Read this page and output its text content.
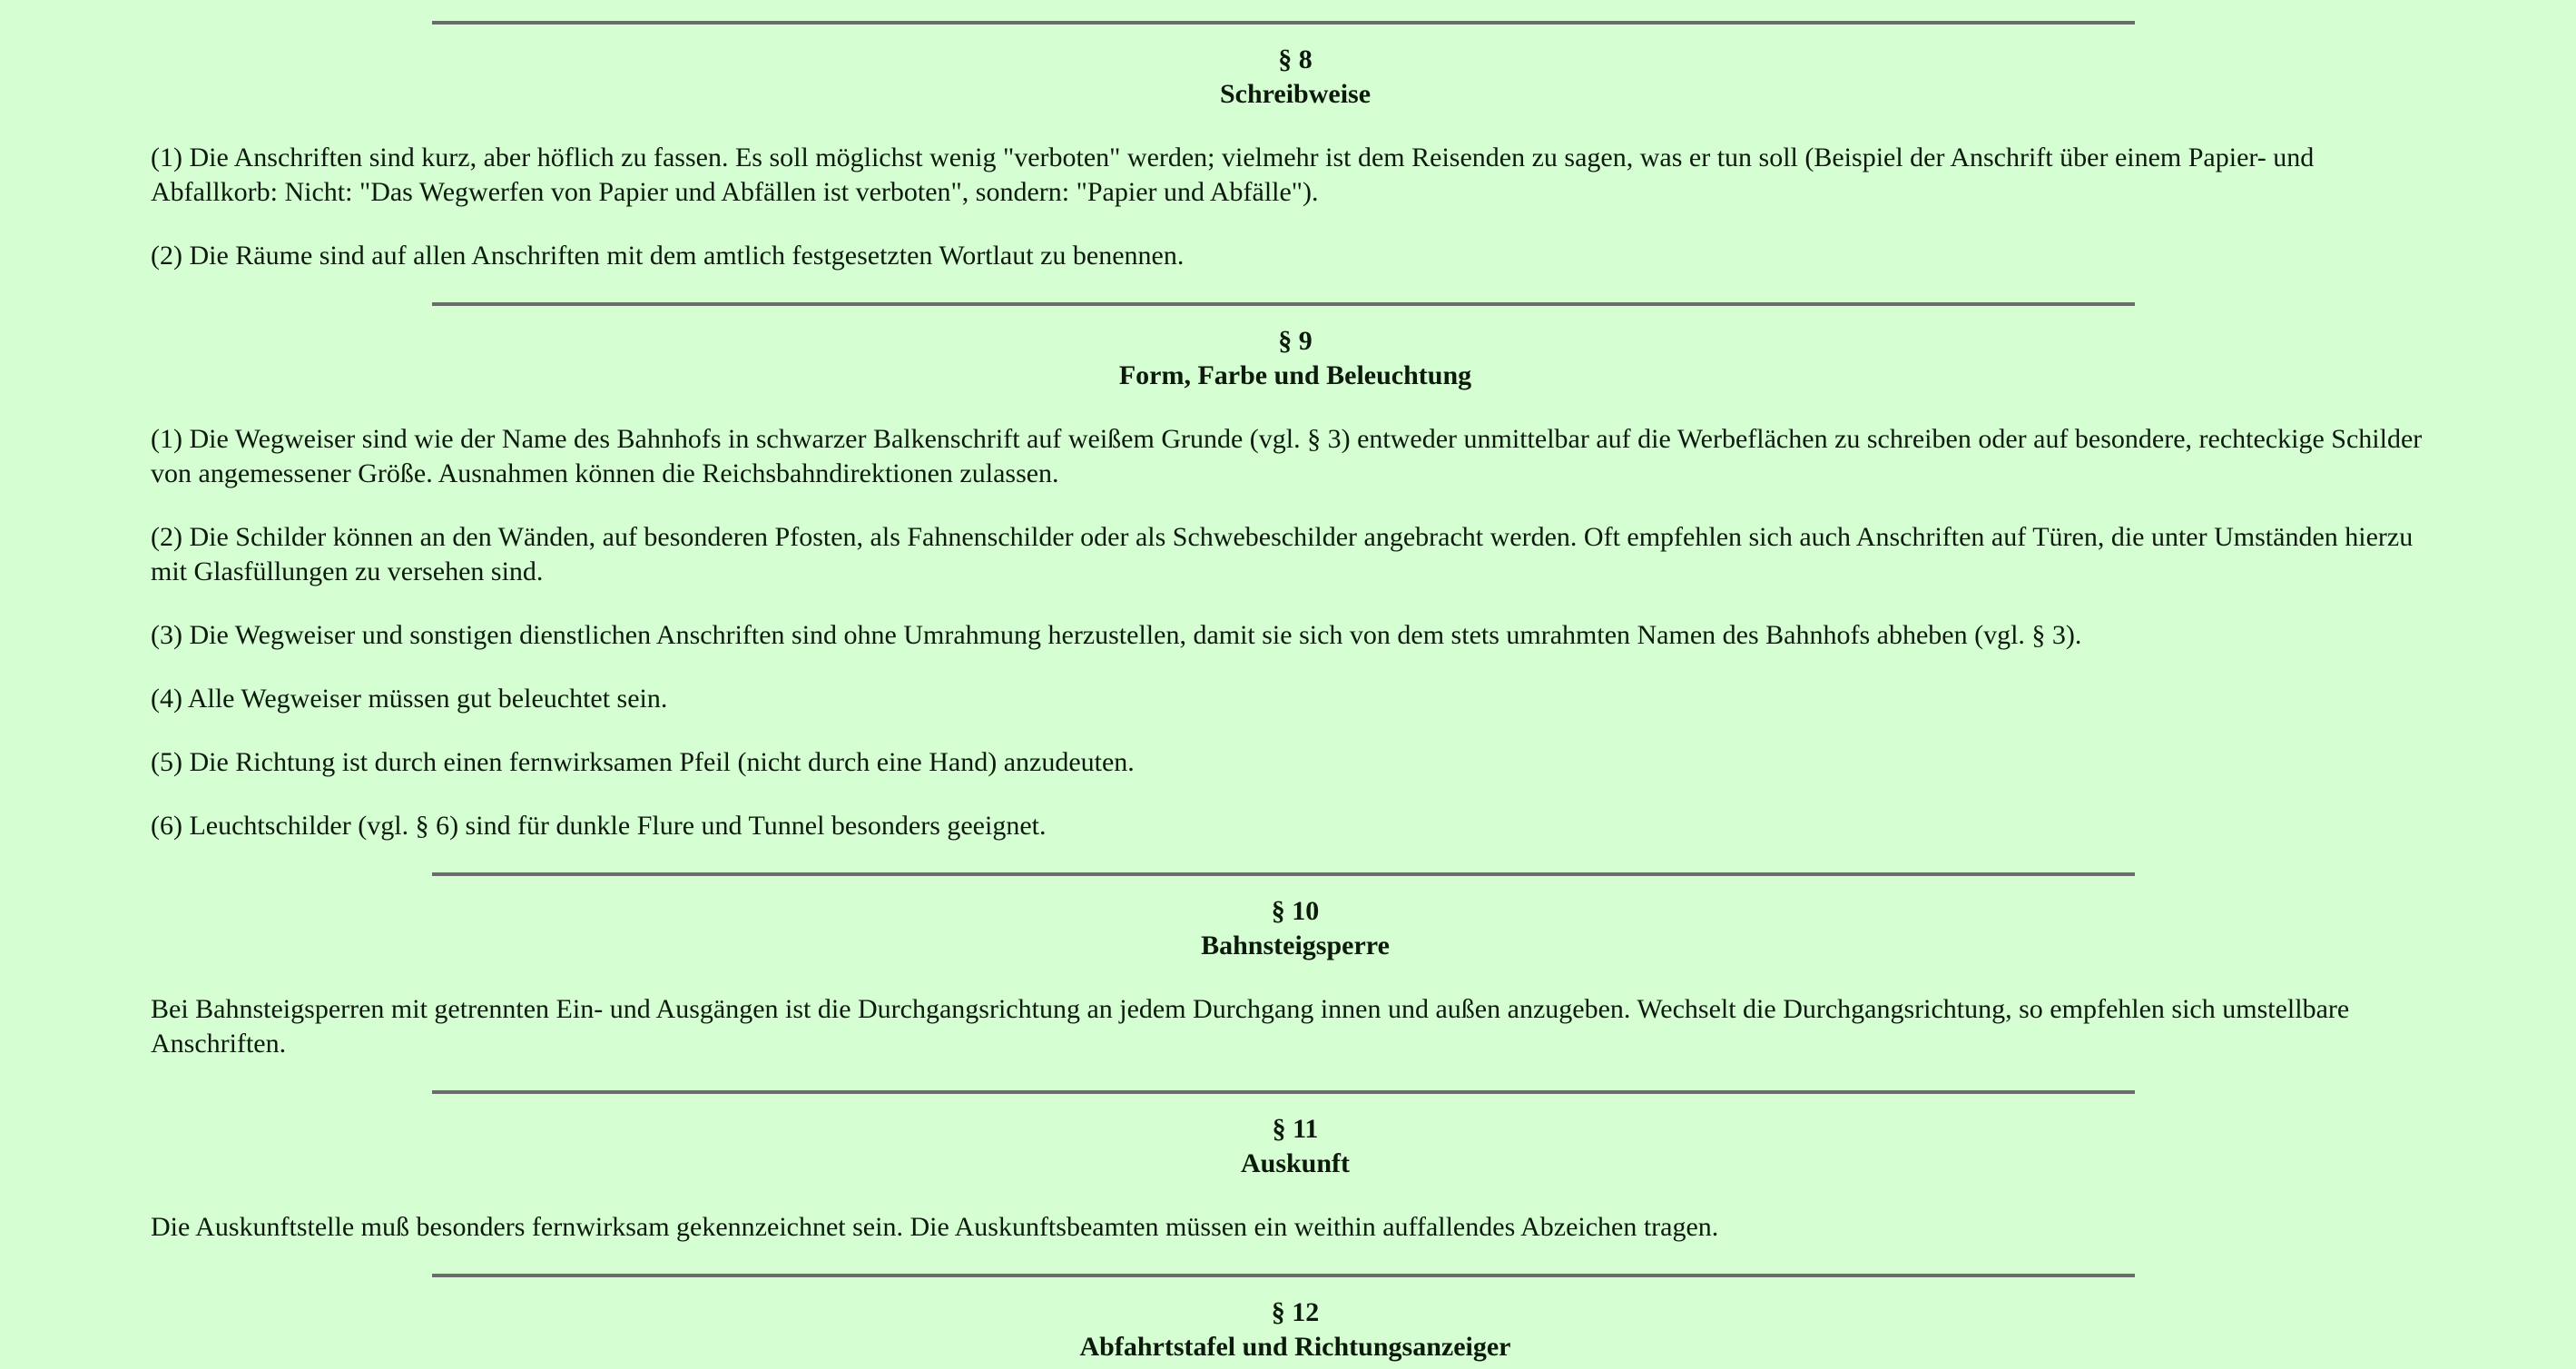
§ 8
Schreibweise

(1) Die Anschriften sind kurz, aber höflich zu fassen. Es soll möglichst wenig "verboten" werden; vielmehr ist dem Reisenden zu sagen, was er tun soll (Beispiel der Anschrift über einem Papier- und Abfallkorb: Nicht: "Das Wegwerfen von Papier und Abfällen ist verboten", sondern: "Papier und Abfälle").

(2) Die Räume sind auf allen Anschriften mit dem amtlich festgesetzten Wortlaut zu benennen.

§ 9
Form, Farbe und Beleuchtung

(1) Die Wegweiser sind wie der Name des Bahnhofs in schwarzer Balkenschrift auf weißem Grunde (vgl. § 3) entweder unmittelbar auf die Werbeflächen zu schreiben oder auf besondere, rechteckige Schilder von angemessener Größe. Ausnahmen können die Reichsbahndirektionen zulassen.

(2) Die Schilder können an den Wänden, auf besonderen Pfosten, als Fahnenschilder oder als Schwebeschilder angebracht werden. Oft empfehlen sich auch Anschriften auf Türen, die unter Umständen hierzu mit Glasfüllungen zu versehen sind.

(3) Die Wegweiser und sonstigen dienstlichen Anschriften sind ohne Umrahmung herzustellen, damit sie sich von dem stets umrahmten Namen des Bahnhofs abheben (vgl. § 3).

(4) Alle Wegweiser müssen gut beleuchtet sein.

(5) Die Richtung ist durch einen fernwirksamen Pfeil (nicht durch eine Hand) anzudeuten.

(6) Leuchtschilder (vgl. § 6) sind für dunkle Flure und Tunnel besonders geeignet.

§ 10
Bahnsteigsperre

Bei Bahnsteigsperren mit getrennten Ein- und Ausgängen ist die Durchgangsrichtung an jedem Durchgang innen und außen anzugeben. Wechselt die Durchgangsrichtung, so empfehlen sich umstellbare Anschriften.

§ 11
Auskunft

Die Auskunftstelle muß besonders fernwirksam gekennzeichnet sein. Die Auskunftsbeamten müssen ein weithin auffallendes Abzeichen tragen.

§ 12
Abfahrtstafel und Richtungsanzeiger
